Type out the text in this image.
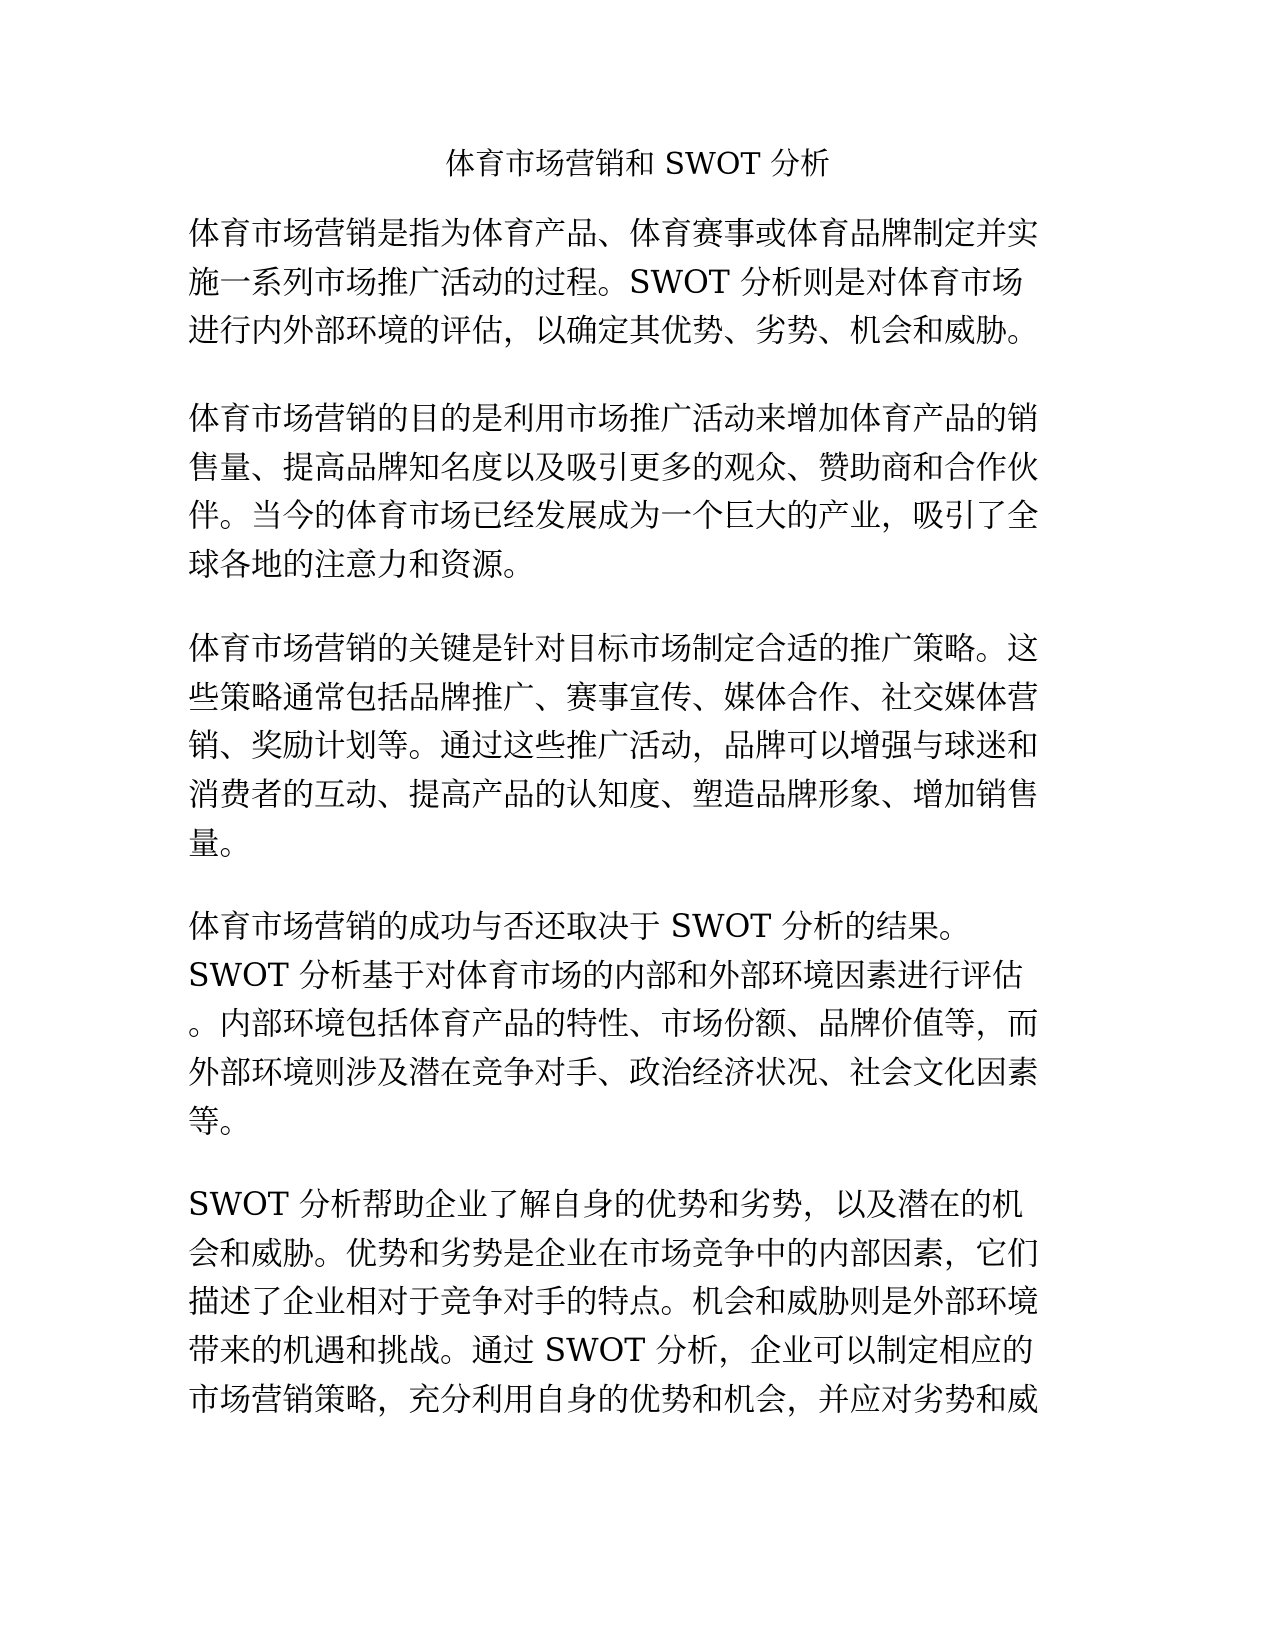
体育市场营销和 SWOT 分析
体育市场营销是指为体育产品、体育赛事或体育品牌制定并实
施一系列市场推广活动的过程。SWOT 分析则是对体育市场
进行内外部环境的评估，以确定其优势、劣势、机会和威胁。
体育市场营销的目的是利用市场推广活动来增加体育产品的销
售量、提高品牌知名度以及吸引更多的观众、赞助商和合作伙
伴。当今的体育市场已经发展成为一个巨大的产业，吸引了全
球各地的注意力和资源。
体育市场营销的关键是针对目标市场制定合适的推广策略。这
些策略通常包括品牌推广、赛事宣传、媒体合作、社交媒体营
销、奖励计划等。通过这些推广活动，品牌可以增强与球迷和
消费者的互动、提高产品的认知度、塑造品牌形象、增加销售
量。
体育市场营销的成功与否还取决于 SWOT 分析的结果。
SWOT 分析基于对体育市场的内部和外部环境因素进行评估
。内部环境包括体育产品的特性、市场份额、品牌价值等，而
外部环境则涉及潜在竞争对手、政治经济状况、社会文化因素
等。
SWOT 分析帮助企业了解自身的优势和劣势，以及潜在的机
会和威胁。优势和劣势是企业在市场竞争中的内部因素，它们
描述了企业相对于竞争对手的特点。机会和威胁则是外部环境
带来的机遇和挑战。通过 SWOT 分析，企业可以制定相应的
市场营销策略，充分利用自身的优势和机会，并应对劣势和威
